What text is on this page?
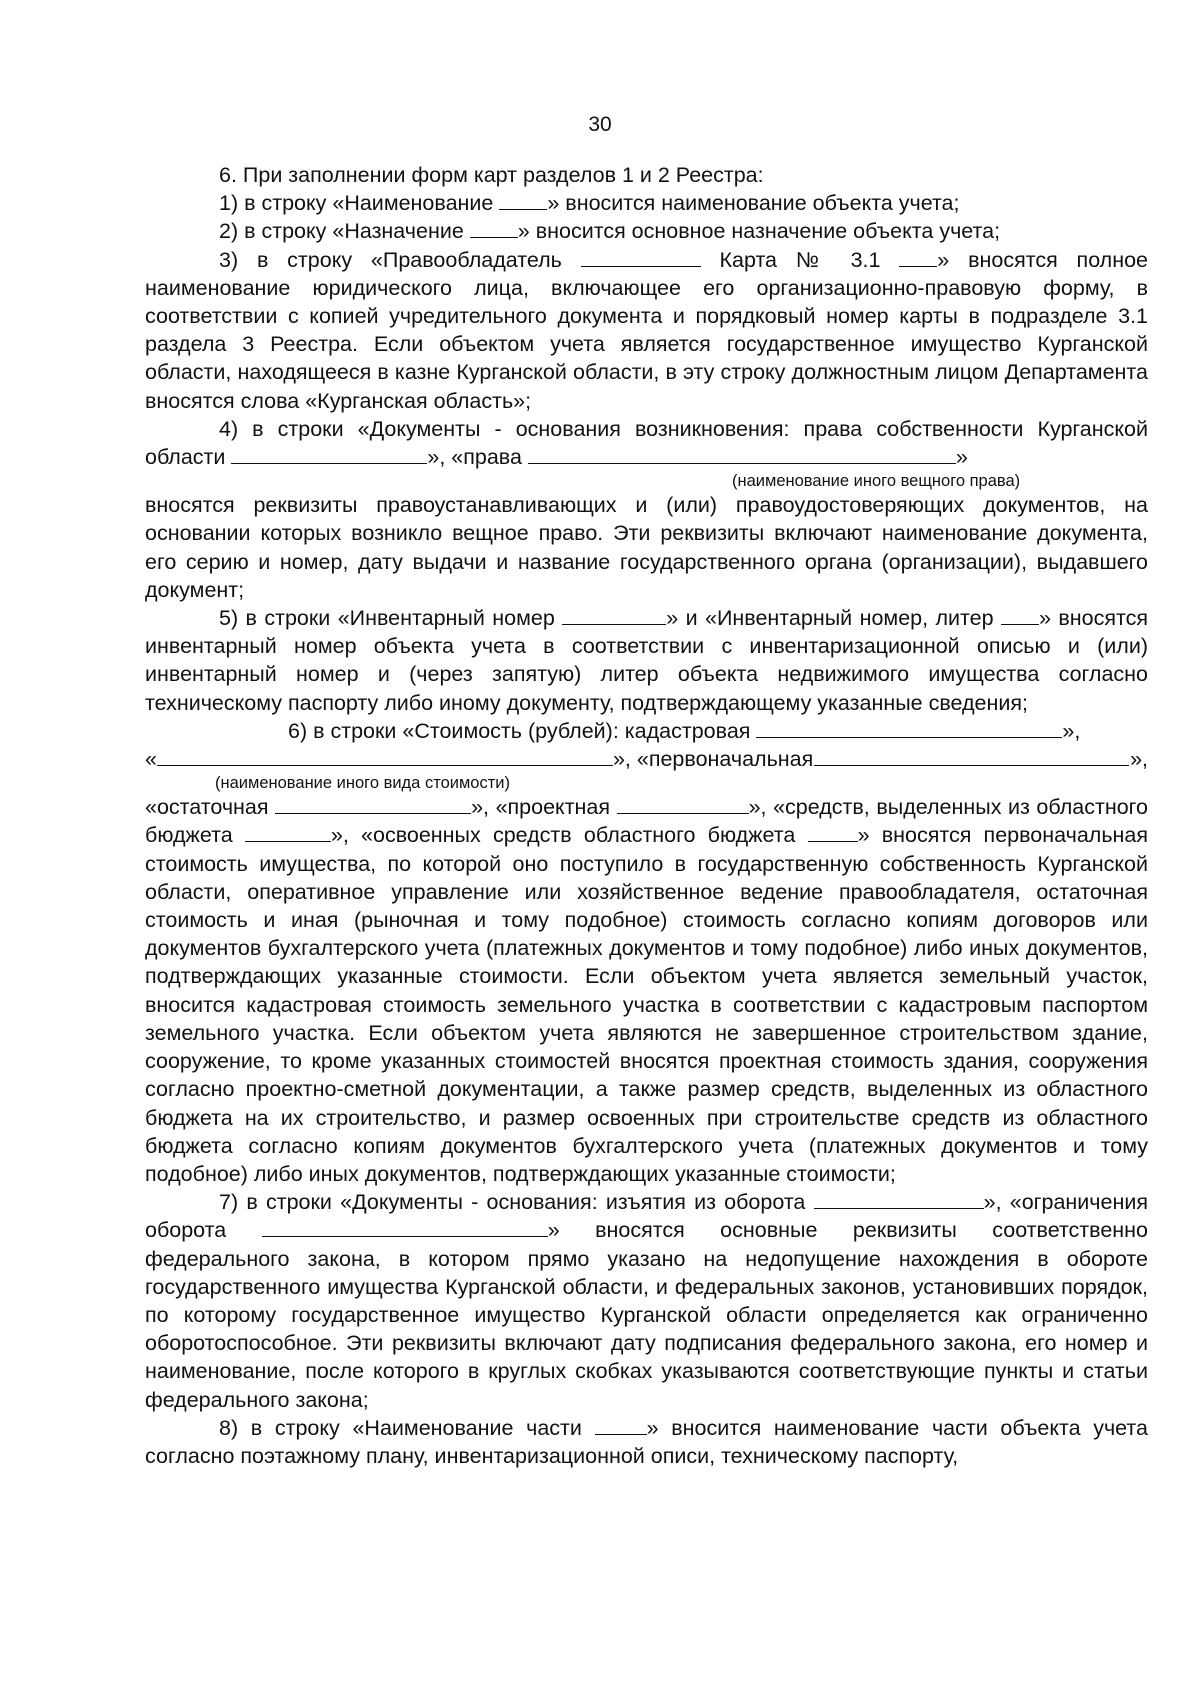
30

6. При заполнении форм карт разделов 1 и 2 Реестра:

1) в строку «Наименование » вносится наименование объекта учета;

2) в строку «Назначение » вносится основное назначение объекта учета;

3) в строку «Правообладатель	Карта № 3.1 » вносятся полное наименование юридического лица, включающее его организационно-правовую форму, в соответствии с копией учредительного документа и порядковый номер карты в подразделе 3.1 раздела 3 Реестра. Если объектом учета является государственное имущество Курганской области, находящееся в казне Курганской области, в эту строку должностным лицом Департамента вносятся слова «Курганская область»;

4) в строки «Документы - основания возникновения: права собственности Курганской области	», «права	»

(наименование иного вещного права)

вносятся реквизиты правоустанавливающих и (или) правоудостоверяющих документов, на основании которых возникло вещное право. Эти реквизиты включают наименование документа, его серию и номер, дату выдачи и название государственного органа (организации), выдавшего документ;

5) в строки «Инвентарный номер	» и «Инвентарный номер, литер » вносятся инвентарный номер объекта учета в соответствии с инвентаризационной описью и (или) инвентарный номер и (через запятую) литер объекта недвижимого имущества согласно техническому паспорту либо иному документу, подтверждающему указанные сведения;

6) в строки «Стоимость (рублей): кадастровая	»,

«	», «первоначальная	»,
(наименование иного вида стоимости)

«остаточная	», «проектная	», «средств, выделенных из областного бюджета	», «освоенных средств областного бюджета » вносятся первоначальная стоимость имущества, по которой оно поступило в государственную собственность Курганской области, оперативное управление или хозяйственное ведение правообладателя, остаточная стоимость и иная (рыночная и тому подобное) стоимость согласно копиям договоров или документов бухгалтерского учета (платежных документов и тому подобное) либо иных документов, подтверждающих указанные стоимости. Если объектом учета является земельный участок, вносится кадастровая стоимость земельного участка в соответствии с кадастровым паспортом земельного участка. Если объектом учета являются не завершенное строительством здание, сооружение, то кроме указанных стоимостей вносятся проектная стоимость здания, сооружения согласно проектно-сметной документации, а также размер средств, выделенных из областного бюджета на их строительство, и размер освоенных при строительстве средств из областного бюджета согласно копиям документов бухгалтерского учета (платежных документов и тому подобное) либо иных документов, подтверждающих указанные стоимости;

7) в строки «Документы - основания: изъятия из оборота	», «ограничения оборота	» вносятся основные реквизиты соответственно федерального закона, в котором прямо указано на недопущение нахождения в обороте государственного имущества Курганской области, и федеральных законов, установивших порядок, по которому государственное имущество Курганской области определяется как ограниченно оборотоспособное. Эти реквизиты включают дату подписания федерального закона, его номер и наименование, после которого в круглых скобках указываются соответствующие пункты и статьи федерального закона;

8) в строку «Наименование части » вносится наименование части объекта учета согласно поэтажному плану, инвентаризационной описи, техническому паспорту,
